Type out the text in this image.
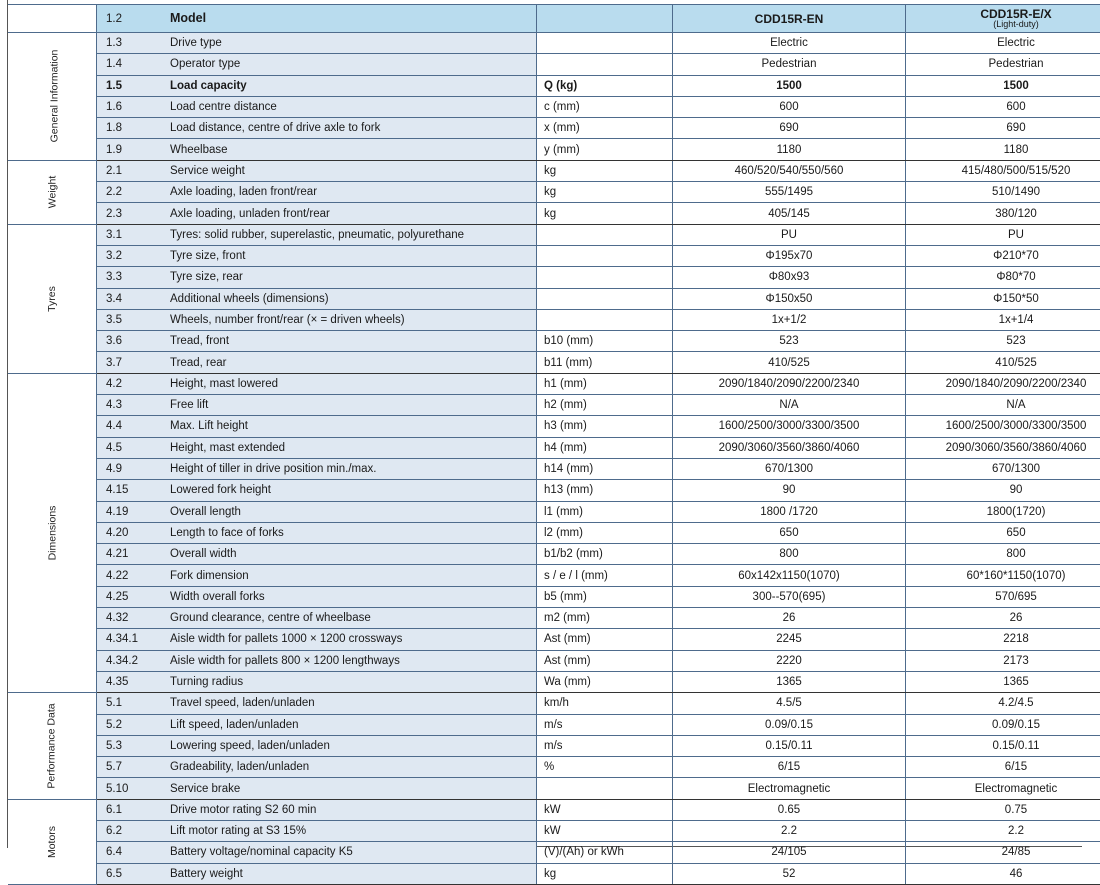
	1.2	Model		CDD15R-EN	CDD15R-E/X
(Light-duty)

General Information	1.3	Drive type		Electric	Electric
	1.4	Operator type		Pedestrian	Pedestrian
	1.5	Load capacity	Q (kg)	1500	1500
	1.6	Load centre distance	c (mm)	600	600
	1.8	Load distance, centre of drive axle to fork	x (mm)	690	690
	1.9	Wheelbase	y (mm)	1180	1180
Weight	2.1	Service weight	kg	460/520/540/550/560	415/480/500/515/520
	2.2	Axle loading, laden front/rear	kg	555/1495	510/1490
	2.3	Axle loading, unladen front/rear	kg	405/145	380/120
Tyres	3.1	Tyres: solid rubber, superelastic, pneumatic, polyurethane		PU	PU
	3.2	Tyre size, front		Φ195x70	Φ210*70
	3.3	Tyre size, rear		Φ80x93	Φ80*70
	3.4	Additional wheels (dimensions)		Φ150x50	Φ150*50
	3.5	Wheels, number front/rear (× = driven wheels)		1x+1/2	1x+1/4
	3.6	Tread, front	b10 (mm)	523	523
	3.7	Tread, rear	b11 (mm)	410/525	410/525
Dimensions	4.2	Height, mast lowered	h1 (mm)	2090/1840/2090/2200/2340	2090/1840/2090/2200/2340
	4.3	Free lift	h2 (mm)	N/A	N/A
	4.4	Max. Lift height	h3 (mm)	1600/2500/3000/3300/3500	1600/2500/3000/3300/3500
	4.5	Height, mast extended	h4 (mm)	2090/3060/3560/3860/4060	2090/3060/3560/3860/4060
	4.9	Height of tiller in drive position min./max.	h14 (mm)	670/1300	670/1300
	4.15	Lowered fork height	h13 (mm)	90	90
	4.19	Overall length	l1 (mm)	1800 /1720	1800(1720)
	4.20	Length to face of forks	l2 (mm)	650	650
	4.21	Overall width	b1/b2 (mm)	800	800
	4.22	Fork dimension	s / e / l (mm)	60x142x1150(1070)	60*160*1150(1070)
	4.25	Width overall forks	b5 (mm)	300--570(695)	570/695
	4.32	Ground clearance, centre of wheelbase	m2 (mm)	26	26
	4.34.1	Aisle width for pallets 1000 × 1200 crossways	Ast (mm)	2245	2218
	4.34.2	Aisle width for pallets 800 × 1200 lengthways	Ast (mm)	2220	2173
	4.35	Turning radius	Wa (mm)	1365	1365
Performance Data	5.1	Travel speed, laden/unladen	km/h	4.5/5	4.2/4.5
	5.2	Lift speed, laden/unladen	m/s	0.09/0.15	0.09/0.15
	5.3	Lowering speed, laden/unladen	m/s	0.15/0.11	0.15/0.11
	5.7	Gradeability, laden/unladen	%	6/15	6/15
	5.10	Service brake		Electromagnetic	Electromagnetic
Motors	6.1	Drive motor rating S2 60 min	kW	0.65	0.75
	6.2	Lift motor rating at S3 15%	kW	2.2	2.2
	6.4	Battery voltage/nominal capacity K5	(V)/(Ah) or kWh	24/105	24/85
	6.5	Battery weight	kg	52	46
